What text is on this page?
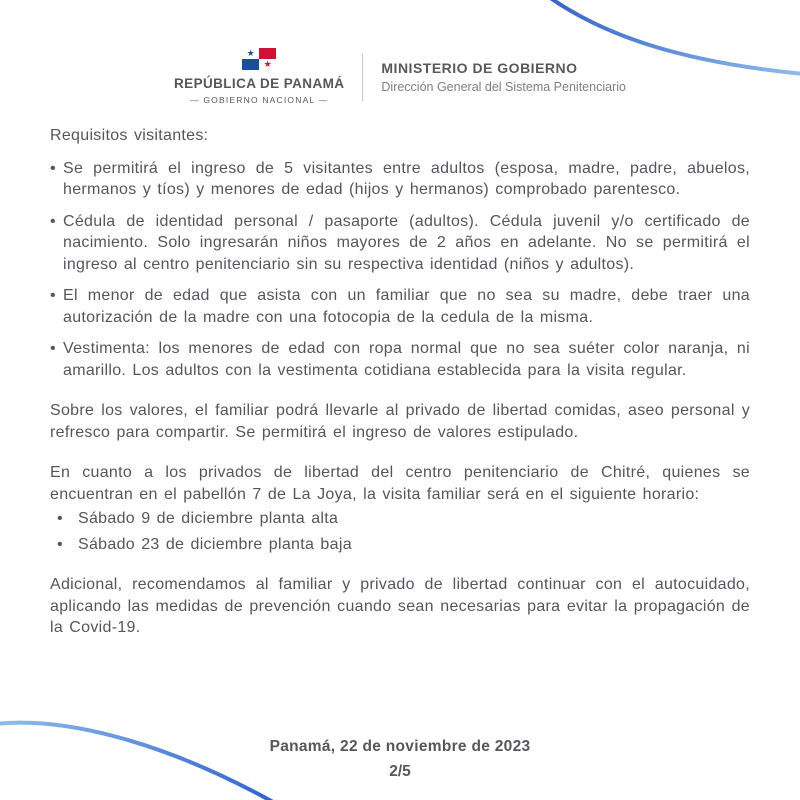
★
★
REPÚBLICA DE PANAMÁ
— GOBIERNO NACIONAL —
MINISTERIO DE GOBIERNO
Dirección General del Sistema Penitenciario

Requisitos visitantes:

• Se permitirá el ingreso de 5 visitantes entre adultos (esposa, madre, padre, abuelos, hermanos y tíos) y menores de edad (hijos y hermanos) comprobado parentesco.
• Cédula de identidad personal / pasaporte (adultos). Cédula juvenil y/o certificado de nacimiento. Solo ingresarán niños mayores de 2 años en adelante. No se permitirá el ingreso al centro penitenciario sin su respectiva identidad (niños y adultos).
• El menor de edad que asista con un familiar que no sea su madre, debe traer una autorización de la madre con una fotocopia de la cedula de la misma.
• Vestimenta: los menores de edad con ropa normal que no sea suéter color naranja, ni amarillo. Los adultos con la vestimenta cotidiana establecida para la visita regular.

Sobre los valores, el familiar podrá llevarle al privado de libertad comidas, aseo personal y refresco para compartir. Se permitirá el ingreso de valores estipulado.

En cuanto a los privados de libertad del centro penitenciario de Chitré, quienes se encuentran en el pabellón 7 de La Joya, la visita familiar será en el siguiente horario:

• Sábado 9 de diciembre planta alta
• Sábado 23 de diciembre planta baja

Adicional, recomendamos al familiar y privado de libertad continuar con el autocuidado, aplicando las medidas de prevención cuando sean necesarias para evitar la propagación de la Covid-19.

Panamá, 22 de noviembre de 2023
2/5
